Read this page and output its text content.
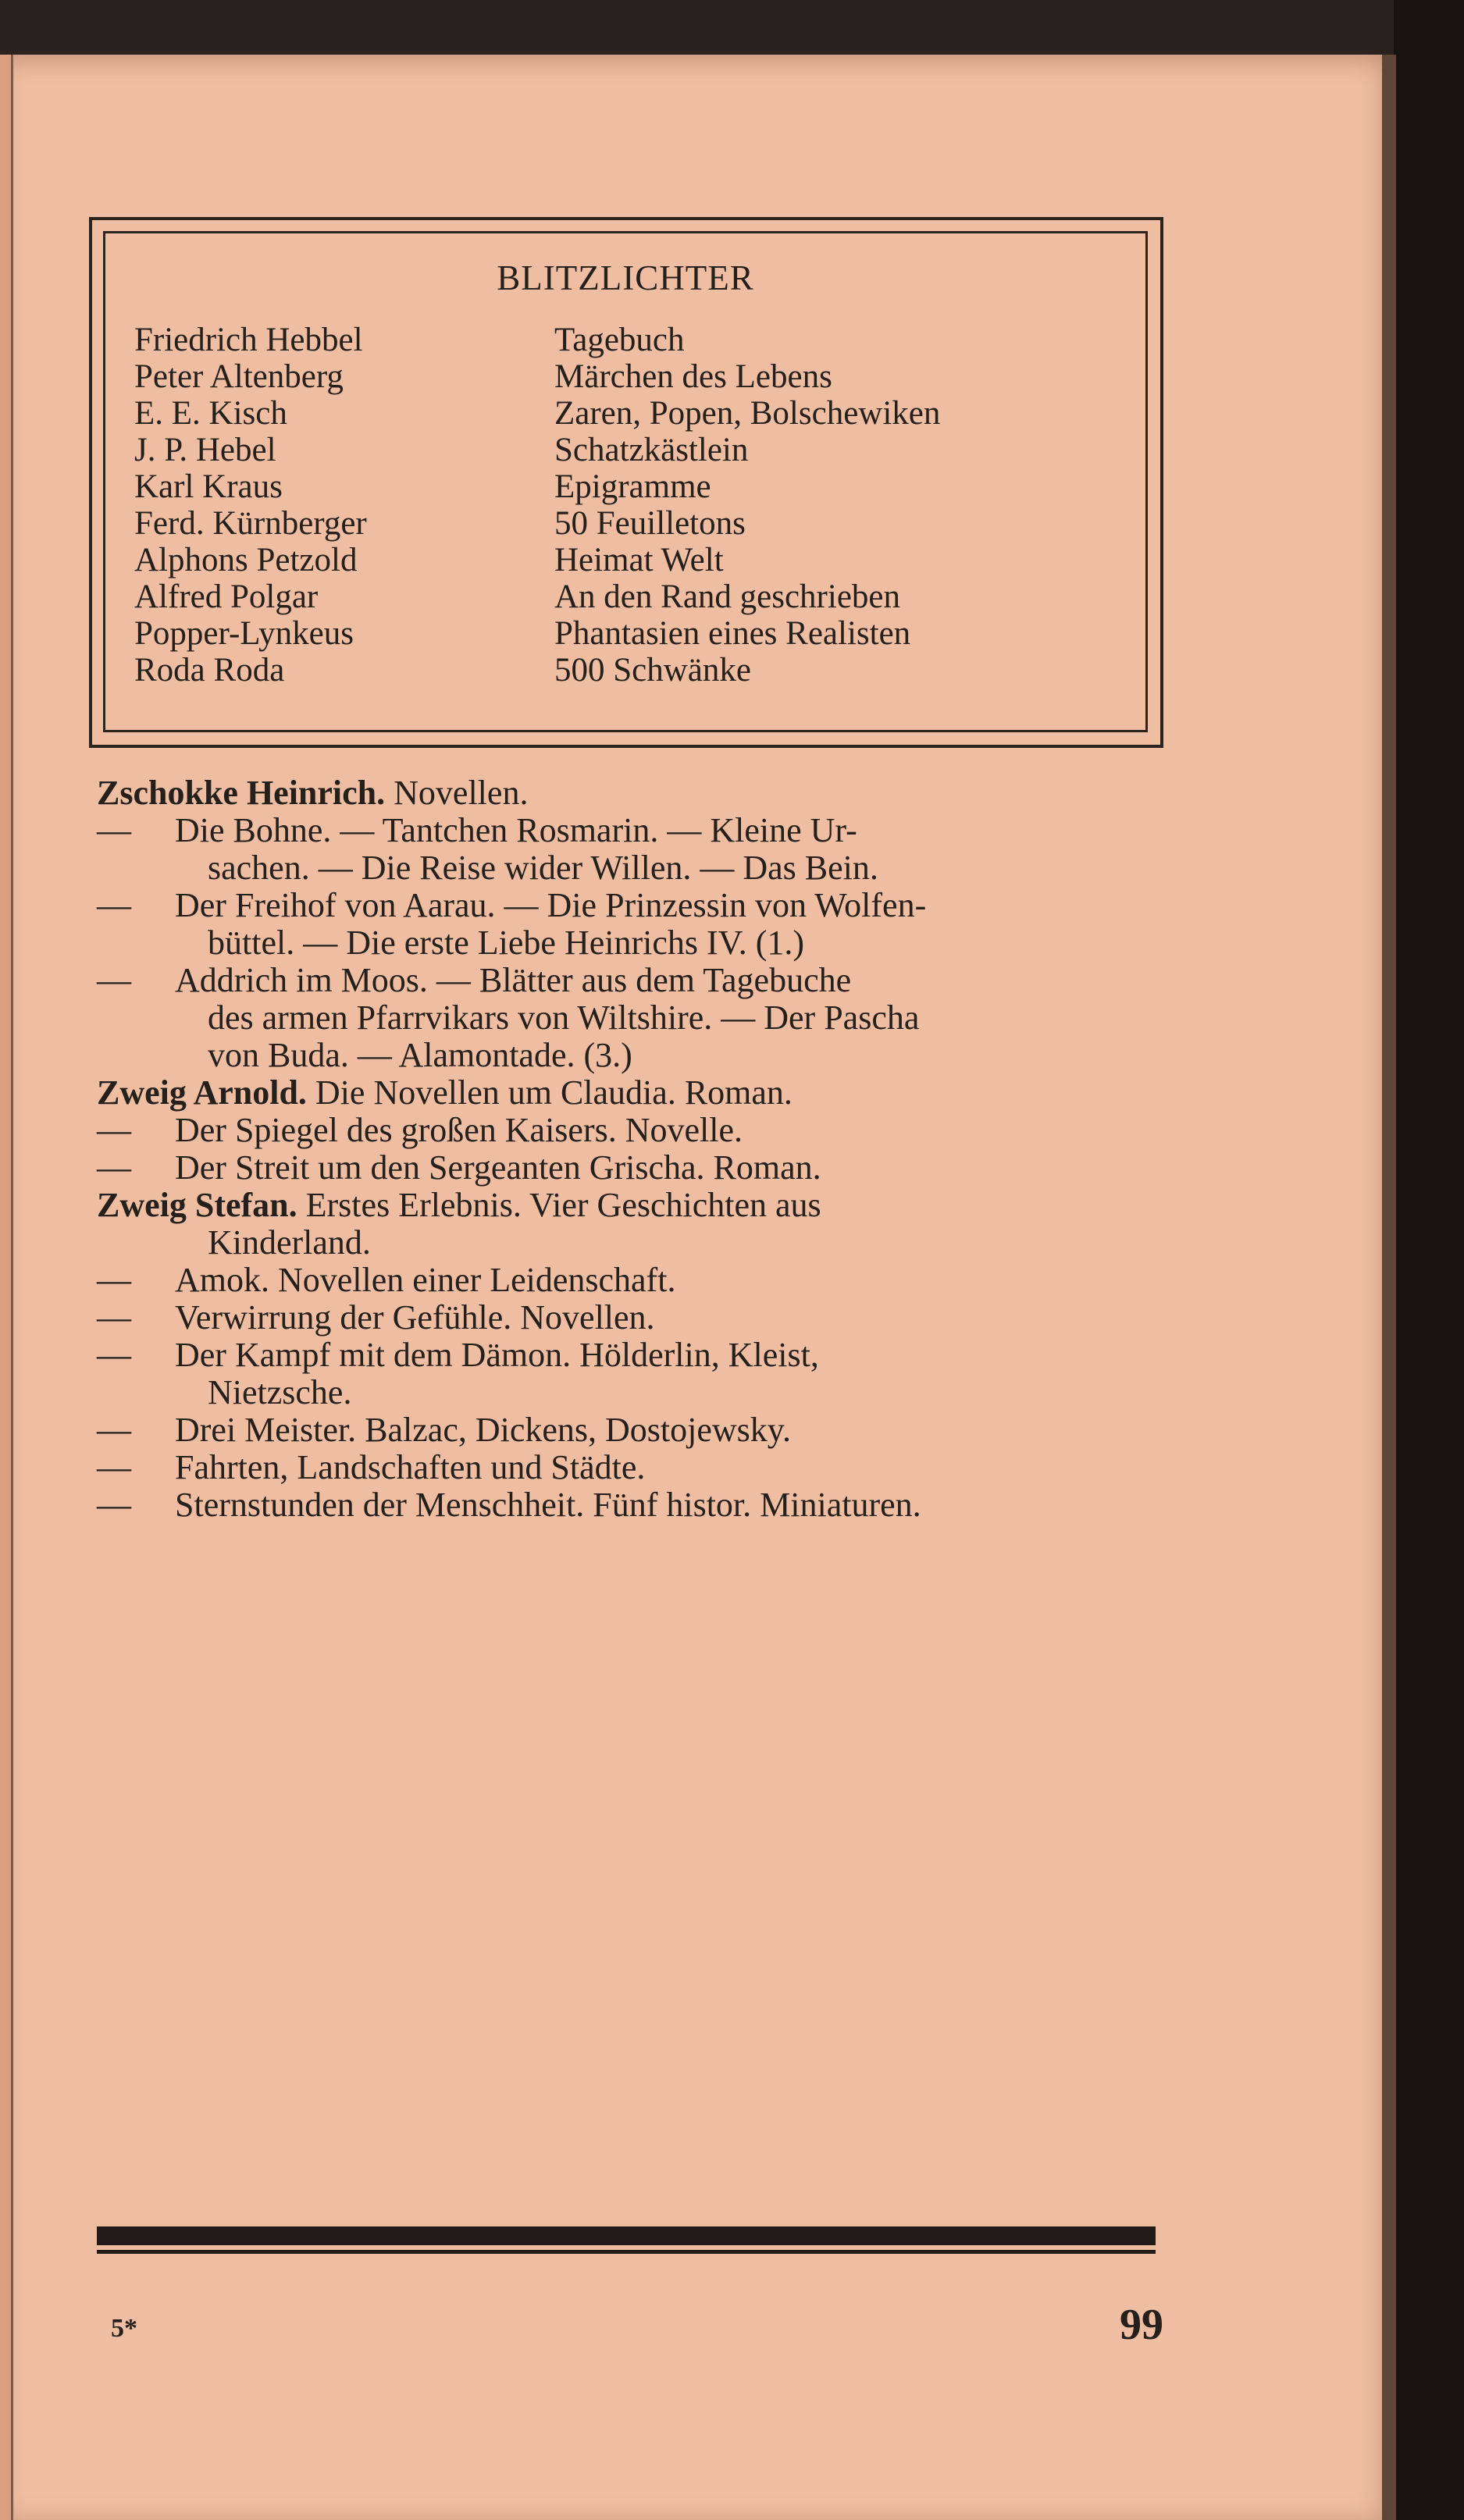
BLITZLICHTER
Friedrich Hebbel	Tagebuch
Peter Altenberg	Märchen des Lebens
E. E. Kisch	Zaren, Popen, Bolschewiken
J. P. Hebel	Schatzkästlein
Karl Kraus	Epigramme
Ferd. Kürnberger	50 Feuilletons
Alphons Petzold	Heimat Welt
Alfred Polgar	An den Rand geschrieben
Popper-Lynkeus	Phantasien eines Realisten
Roda Roda	500 Schwänke
Zschokke Heinrich. Novellen.
— Die Bohne. — Tantchen Rosmarin. — Kleine Ur-
sachen. — Die Reise wider Willen. — Das Bein.
— Der Freihof von Aarau. — Die Prinzessin von Wolfen-
büttel. — Die erste Liebe Heinrichs IV. (1.)
— Addrich im Moos. — Blätter aus dem Tagebuche
des armen Pfarrvikars von Wiltshire. — Der Pascha
von Buda. — Alamontade. (3.)
Zweig Arnold. Die Novellen um Claudia. Roman.
— Der Spiegel des großen Kaisers. Novelle.
— Der Streit um den Sergeanten Grischa. Roman.
Zweig Stefan. Erstes Erlebnis. Vier Geschichten aus
Kinderland.
— Amok. Novellen einer Leidenschaft.
— Verwirrung der Gefühle. Novellen.
— Der Kampf mit dem Dämon. Hölderlin, Kleist,
Nietzsche.
— Drei Meister. Balzac, Dickens, Dostojewsky.
— Fahrten, Landschaften und Städte.
— Sternstunden der Menschheit. Fünf histor. Miniaturen.
5*	99
